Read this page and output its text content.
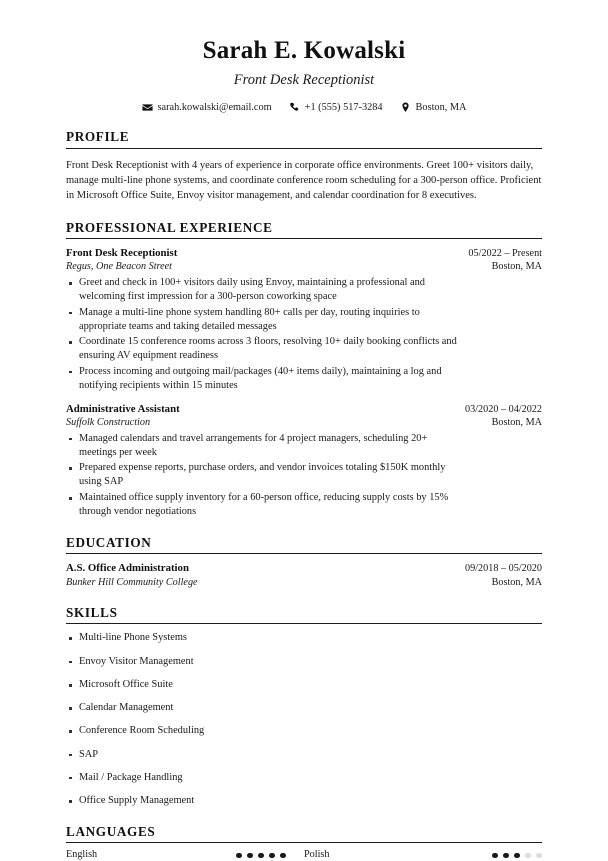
Sarah E. Kowalski
Front Desk Receptionist
sarah.kowalski@email.com	+1 (555) 517-3284	Boston, MA
PROFILE

Front Desk Receptionist with 4 years of experience in corporate office environments. Greet 100+ visitors daily, manage multi-line phone systems, and coordinate conference room scheduling for a 300-person office. Proficient in Microsoft Office Suite, Envoy visitor management, and calendar coordination for 8 executives.

PROFESSIONAL EXPERIENCE
Front Desk Receptionist	05/2022 – Present
Regus, One Beacon Street	Boston, MA
Greet and check in 100+ visitors daily using Envoy, maintaining a professional and welcoming first impression for a 300-person coworking space
Manage a multi-line phone system handling 80+ calls per day, routing inquiries to appropriate teams and taking detailed messages
Coordinate 15 conference rooms across 3 floors, resolving 10+ daily booking conflicts and ensuring AV equipment readiness
Process incoming and outgoing mail/packages (40+ items daily), maintaining a log and notifying recipients within 15 minutes
Administrative Assistant	03/2020 – 04/2022
Suffolk Construction	Boston, MA
Managed calendars and travel arrangements for 4 project managers, scheduling 20+ meetings per week
Prepared expense reports, purchase orders, and vendor invoices totaling $150K monthly using SAP
Maintained office supply inventory for a 60-person office, reducing supply costs by 15% through vendor negotiations
EDUCATION
A.S. Office Administration	09/2018 – 05/2020
Bunker Hill Community College	Boston, MA
SKILLS
Multi-line Phone Systems
Envoy Visitor Management
Microsoft Office Suite
Calendar Management
Conference Room Scheduling
SAP
Mail / Package Handling
Office Supply Management
LANGUAGES
English	Polish
